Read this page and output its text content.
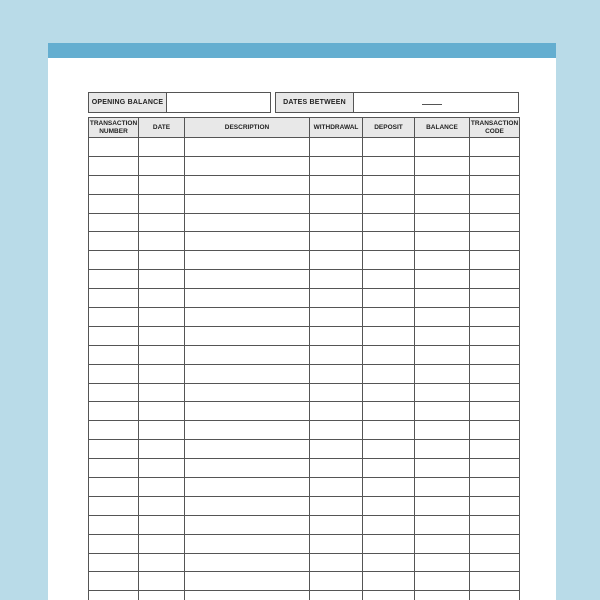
OPENING BALANCE	DATES BETWEEN
TRANSACTION NUMBER	DATE	DESCRIPTION	WITHDRAWAL	DEPOSIT	BALANCE	TRANSACTION CODE
